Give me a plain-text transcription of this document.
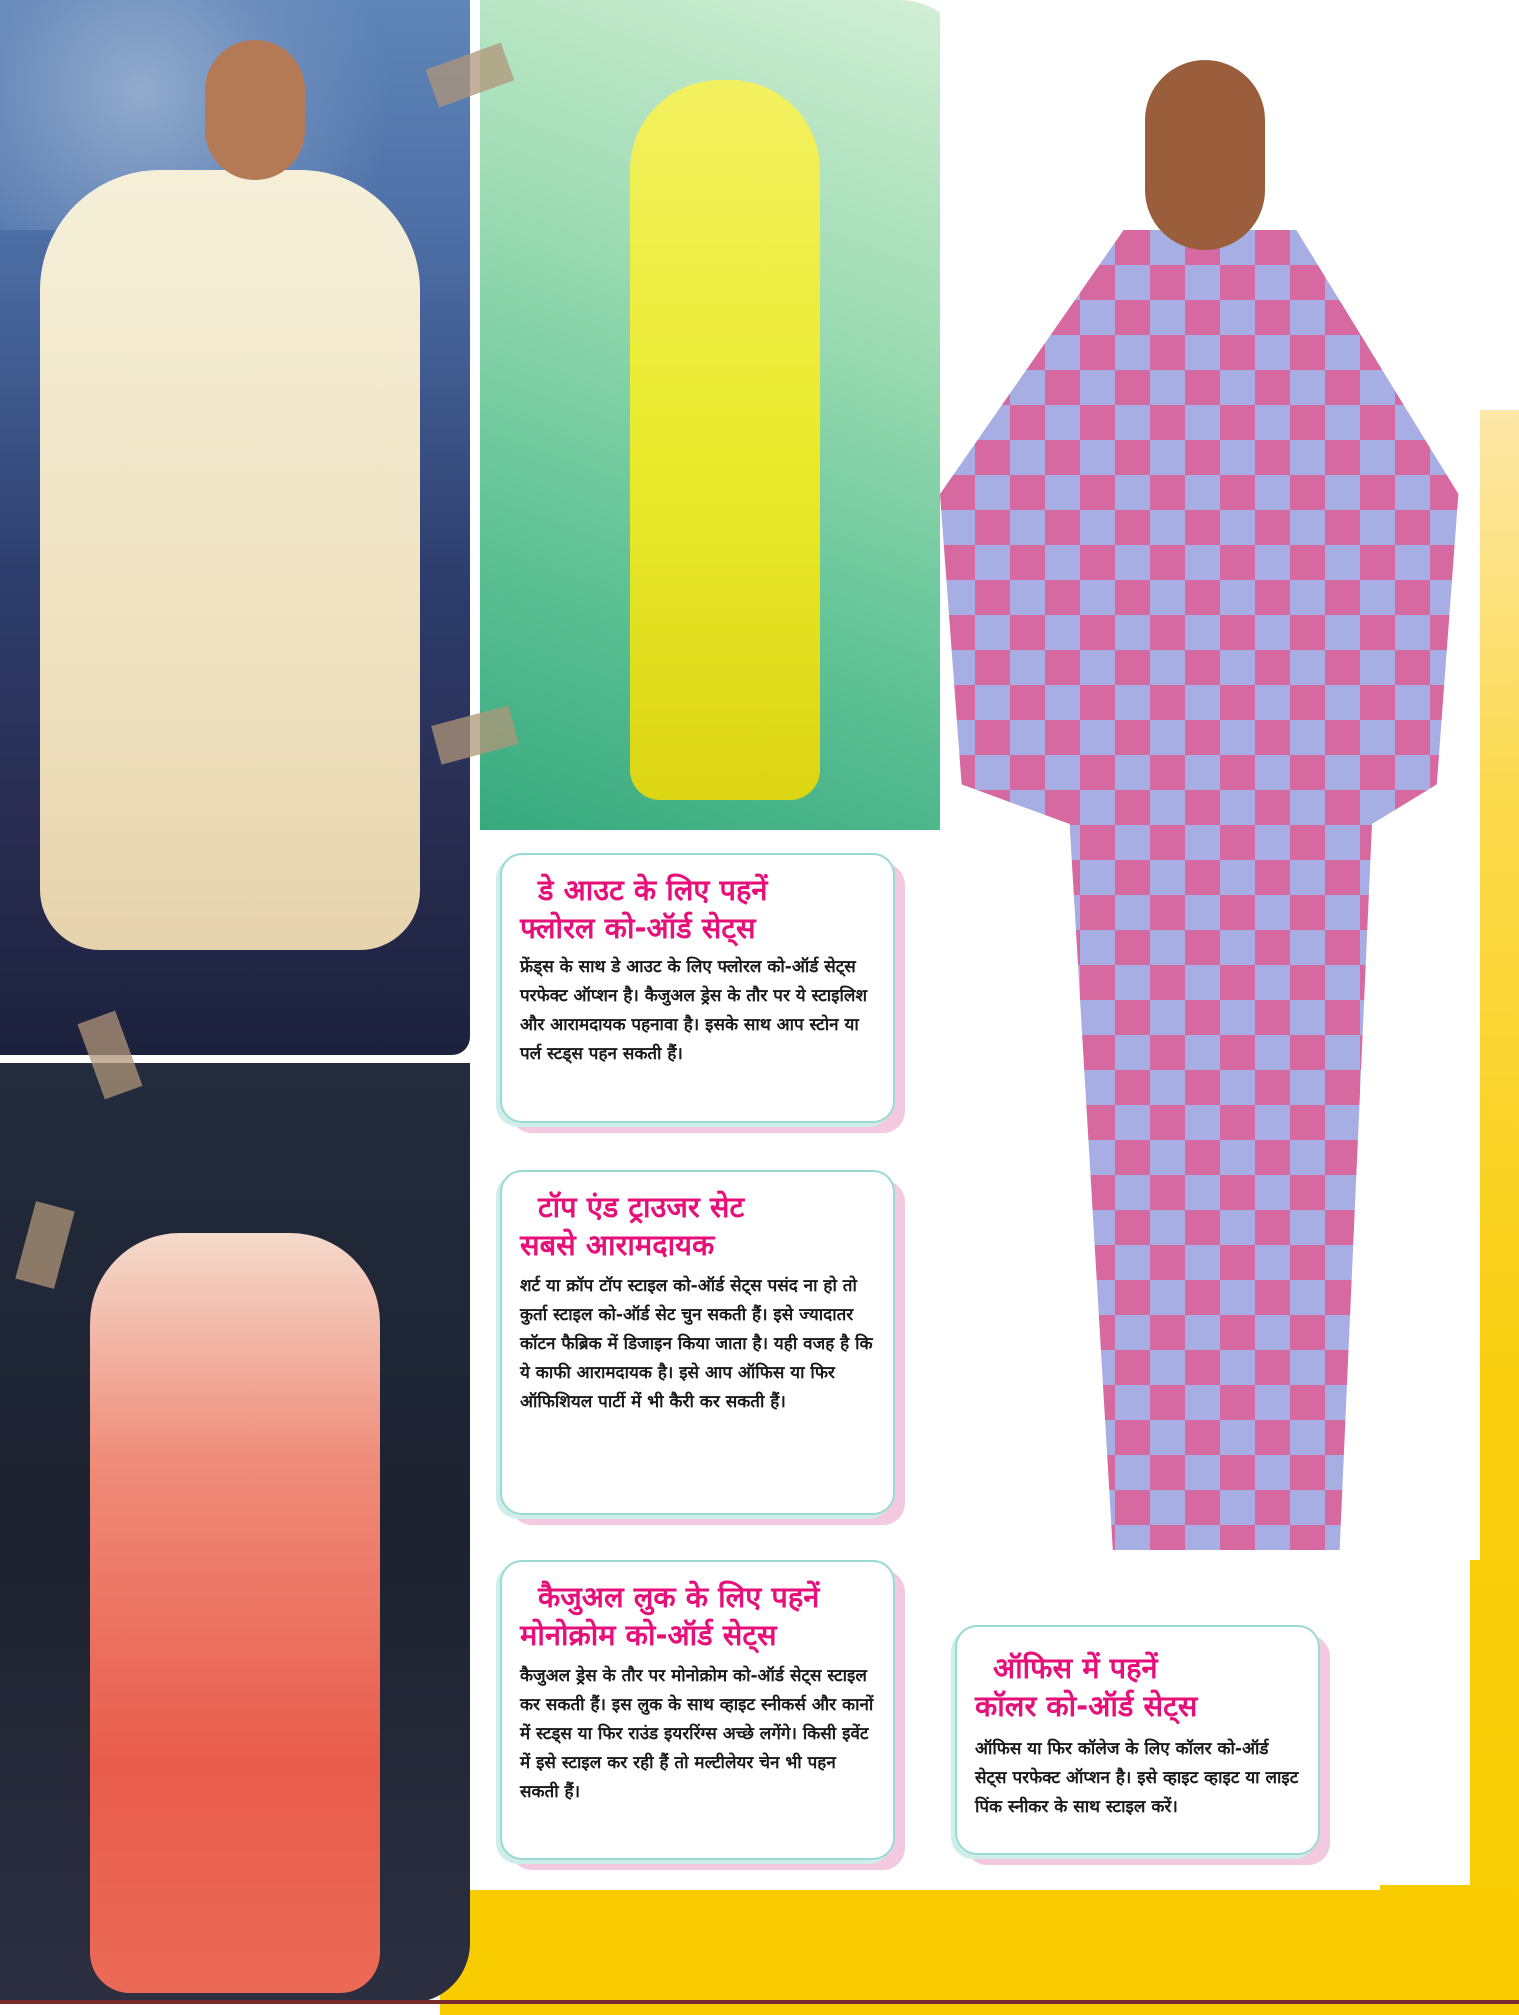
डे आउट के लिए पहनें
फ्लोरल को-ऑर्ड सेट्स

फ्रेंड्स के साथ डे आउट के लिए फ्लोरल को-ऑर्ड सेट्स परफेक्ट ऑप्शन है। कैजुअल ड्रेस के तौर पर ये स्टाइलिश और आरामदायक पहनावा है। इसके साथ आप स्टोन या पर्ल स्टड्स पहन सकती हैं।

टॉप एंड ट्राउजर सेट
सबसे आरामदायक

शर्ट या क्रॉप टॉप स्टाइल को-ऑर्ड सेट्स पसंद ना हो तो कुर्ता स्टाइल को-ऑर्ड सेट चुन सकती हैं। इसे ज्यादातर कॉटन फैब्रिक में डिजाइन किया जाता है। यही वजह है कि ये काफी आरामदायक है। इसे आप ऑफिस या फिर ऑफिशियल पार्टी में भी कैरी कर सकती हैं।

कैजुअल लुक के लिए पहनें
मोनोक्रोम को-ऑर्ड सेट्स

कैजुअल ड्रेस के तौर पर मोनोक्रोम को-ऑर्ड सेट्स स्टाइल कर सकती हैं। इस लुक के साथ व्हाइट स्नीकर्स और कानों में स्टड्स या फिर राउंड इयररिंग्स अच्छे लगेंगे। किसी इवेंट में इसे स्टाइल कर रही हैं तो मल्टीलेयर चेन भी पहन सकती हैं।

ऑफिस में पहनें
कॉलर को-ऑर्ड सेट्स

ऑफिस या फिर कॉलेज के लिए कॉलर को-ऑर्ड सेट्स परफेक्ट ऑप्शन है। इसे व्हाइट व्हाइट या लाइट पिंक स्नीकर के साथ स्टाइल करें।
